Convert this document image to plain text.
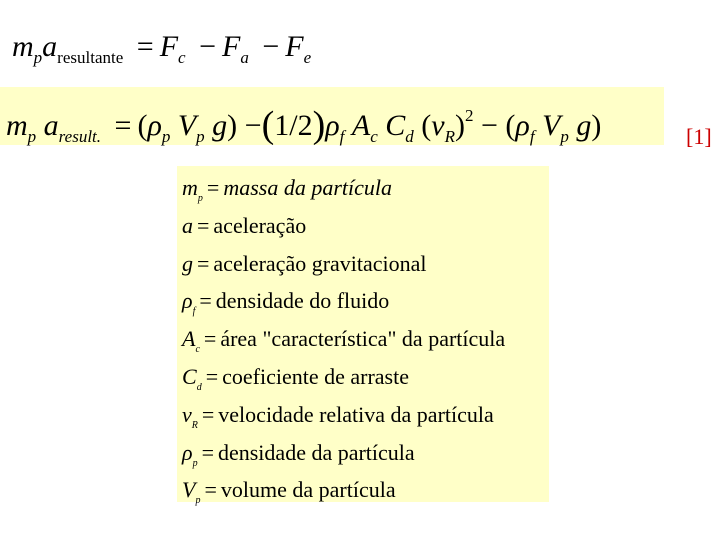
$m_pa_{resultante} = F_c - F_a - F_e$
$m_p$ $a_{result.} = (\rho_p$ $V_p$ $g) -(1/2)\rho_f$ $A_c$ $C_d$ $(v_R)^2 - (\rho_f$ $V_p$ g)	[1]
$m_p$ = massa da partícula
a = aceleração
g = aceleração gravitacional
$\rho_f$ = densidade do fluido
$A_c$ = área "característica" da partícula
$C_d$ = coeficiente de arraste
$v_R$ = velocidade relativa da partícula
$\rho_p$ = densidade da partícula
$V_p$ = volume da partícula
